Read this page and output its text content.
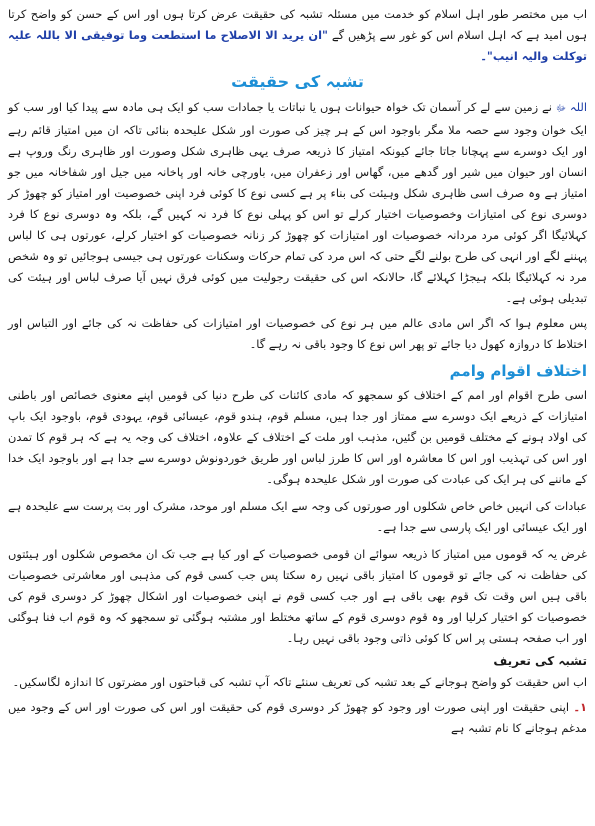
اب میں مختصر طور اہل اسلام کو خدمت میں مسئلہ تشبہ کی حقیقت عرض کرتا ہوں اور اس کے حسن کو واضح کرتا ہوں امید ہے کہ اہل اسلام اس کو غور سے پڑھیں گے "ان یرید الا الاصلاح ما استطعت وما توفیقی الا باللہ علیہ توکلت والیہ انیب"۔

تشبہ کی حقیقت

اللہ ﷻ نے زمین سے لے کر آسمان تک خواہ حیوانات ہوں یا نباتات یا جمادات سب کو ایک ہی مادہ سے پیدا کیا اور سب کو ایک خوان وجود سے حصہ ملا مگر باوجود اس کے ہر چیز کی صورت اور شکل علیحدہ بنائی تاکہ ان میں امتیاز قائم رہے اور ایک دوسرے سے پہچانا جاتا جائے کیونکہ امتیاز کا ذریعہ صرف یہی ظاہری شکل وصورت اور ظاہری رنگ وروپ ہے انسان اور حیوان میں شیر اور گدھے میں، گھاس اور زعفران میں، باورچی خانہ اور پاخانہ میں جیل اور شفاخانہ میں جو امتیاز ہے وہ صرف اسی ظاہری شکل وہیئت کی بناء پر ہے کسی نوع کا کوئی فرد اپنی خصوصیت اور امتیاز کو چھوڑ کر دوسری نوع کی امتیازات وخصوصیات اختیار کرلے تو اس کو پہلی نوع کا فرد نہ کہیں گے، بلکہ وہ دوسری نوع کا فرد کہلائیگا اگر کوئی مرد مردانہ خصوصیات اور امتیازات کو چھوڑ کر زنانہ خصوصیات کو اختیار کرلے، عورتوں ہی کا لباس پہننے لگے اور انہی کی طرح بولنے لگے حتی کہ اس مرد کی تمام حرکات وسکنات عورتوں ہی جیسی ہوجائیں تو وہ شخص مرد نہ کہلائیگا بلکہ ہیجڑا کہلائے گا، حالانکہ اس کی حقیقت رجولیت میں کوئی فرق نہیں آیا صرف لباس اور ہیئت کی تبدیلی ہوئی ہے۔

پس معلوم ہوا کہ اگر اس مادی عالم میں ہر نوع کی خصوصیات اور امتیازات کی حفاظت نہ کی جائے اور التباس اور اختلاط کا دروازہ کھول دیا جائے تو پھر اس نوع کا وجود باقی نہ رہے گا۔

اختلاف اقوام وامم

اسی طرح اقوام اور امم کے اختلاف کو سمجھو کہ مادی کائنات کی طرح دنیا کی قومیں اپنے معنوی خصائص اور باطنی امتیازات کے ذریعے ایک دوسرے سے ممتاز اور جدا ہیں، مسلم قوم، ہندو قوم، عیسائی قوم، یہودی قوم، باوجود ایک باپ کی اولاد ہونے کے مختلف قومیں بن گئیں، مذہب اور ملت کے اختلاف کے علاوہ، اختلاف کی وجہ یہ ہے کہ ہر قوم کا تمدن اور اس کی تہذیب اور اس کا معاشرہ اور اس کا طرز لباس اور طریق خوردونوش دوسرے سے جدا ہے اور باوجود ایک خدا کے ماننے کی ہر ایک کی عبادت کی صورت اور شکل علیحدہ ہوگی۔

عبادات کی انہیں خاص خاص شکلوں اور صورتوں کی وجہ سے ایک مسلم اور موحد، مشرک اور بت پرست سے علیحدہ ہے اور ایک عیسائی اور ایک پارسی سے جدا ہے۔

غرض یہ کہ قوموں میں امتیاز کا ذریعہ سوائے ان قومی خصوصیات کے اور کیا ہے جب تک ان مخصوص شکلوں اور ہیئتوں کی حفاظت نہ کی جائے تو قوموں کا امتیاز باقی نہیں رہ سکتا پس جب کسی قوم کی مذہبی اور معاشرتی خصوصیات باقی ہیں اس وقت تک قوم بھی باقی ہے اور جب کسی قوم نے اپنی خصوصیات اور اشکال چھوڑ کر دوسری قوم کی خصوصیات کو اختیار کرلیا اور وہ قوم دوسری قوم کے ساتھ مختلط اور مشتبہ ہوگئی تو سمجھو کہ وہ قوم اب فنا ہوگئی اور اب صفحہ ہستی پر اس کا کوئی ذاتی وجود باقی نہیں رہا۔

تشبہ کی تعریف

اب اس حقیقت کو واضح ہوجانے کے بعد تشبہ کی تعریف سنئے تاکہ آپ تشبہ کی قباحتوں اور مضرتوں کا اندازہ لگاسکیں۔

۱۔ اپنی حقیقت اور اپنی صورت اور وجود کو چھوڑ کر دوسری قوم کی حقیقت اور اس کی صورت اور اس کے وجود میں مدغم ہوجانے کا نام تشبہ ہے
